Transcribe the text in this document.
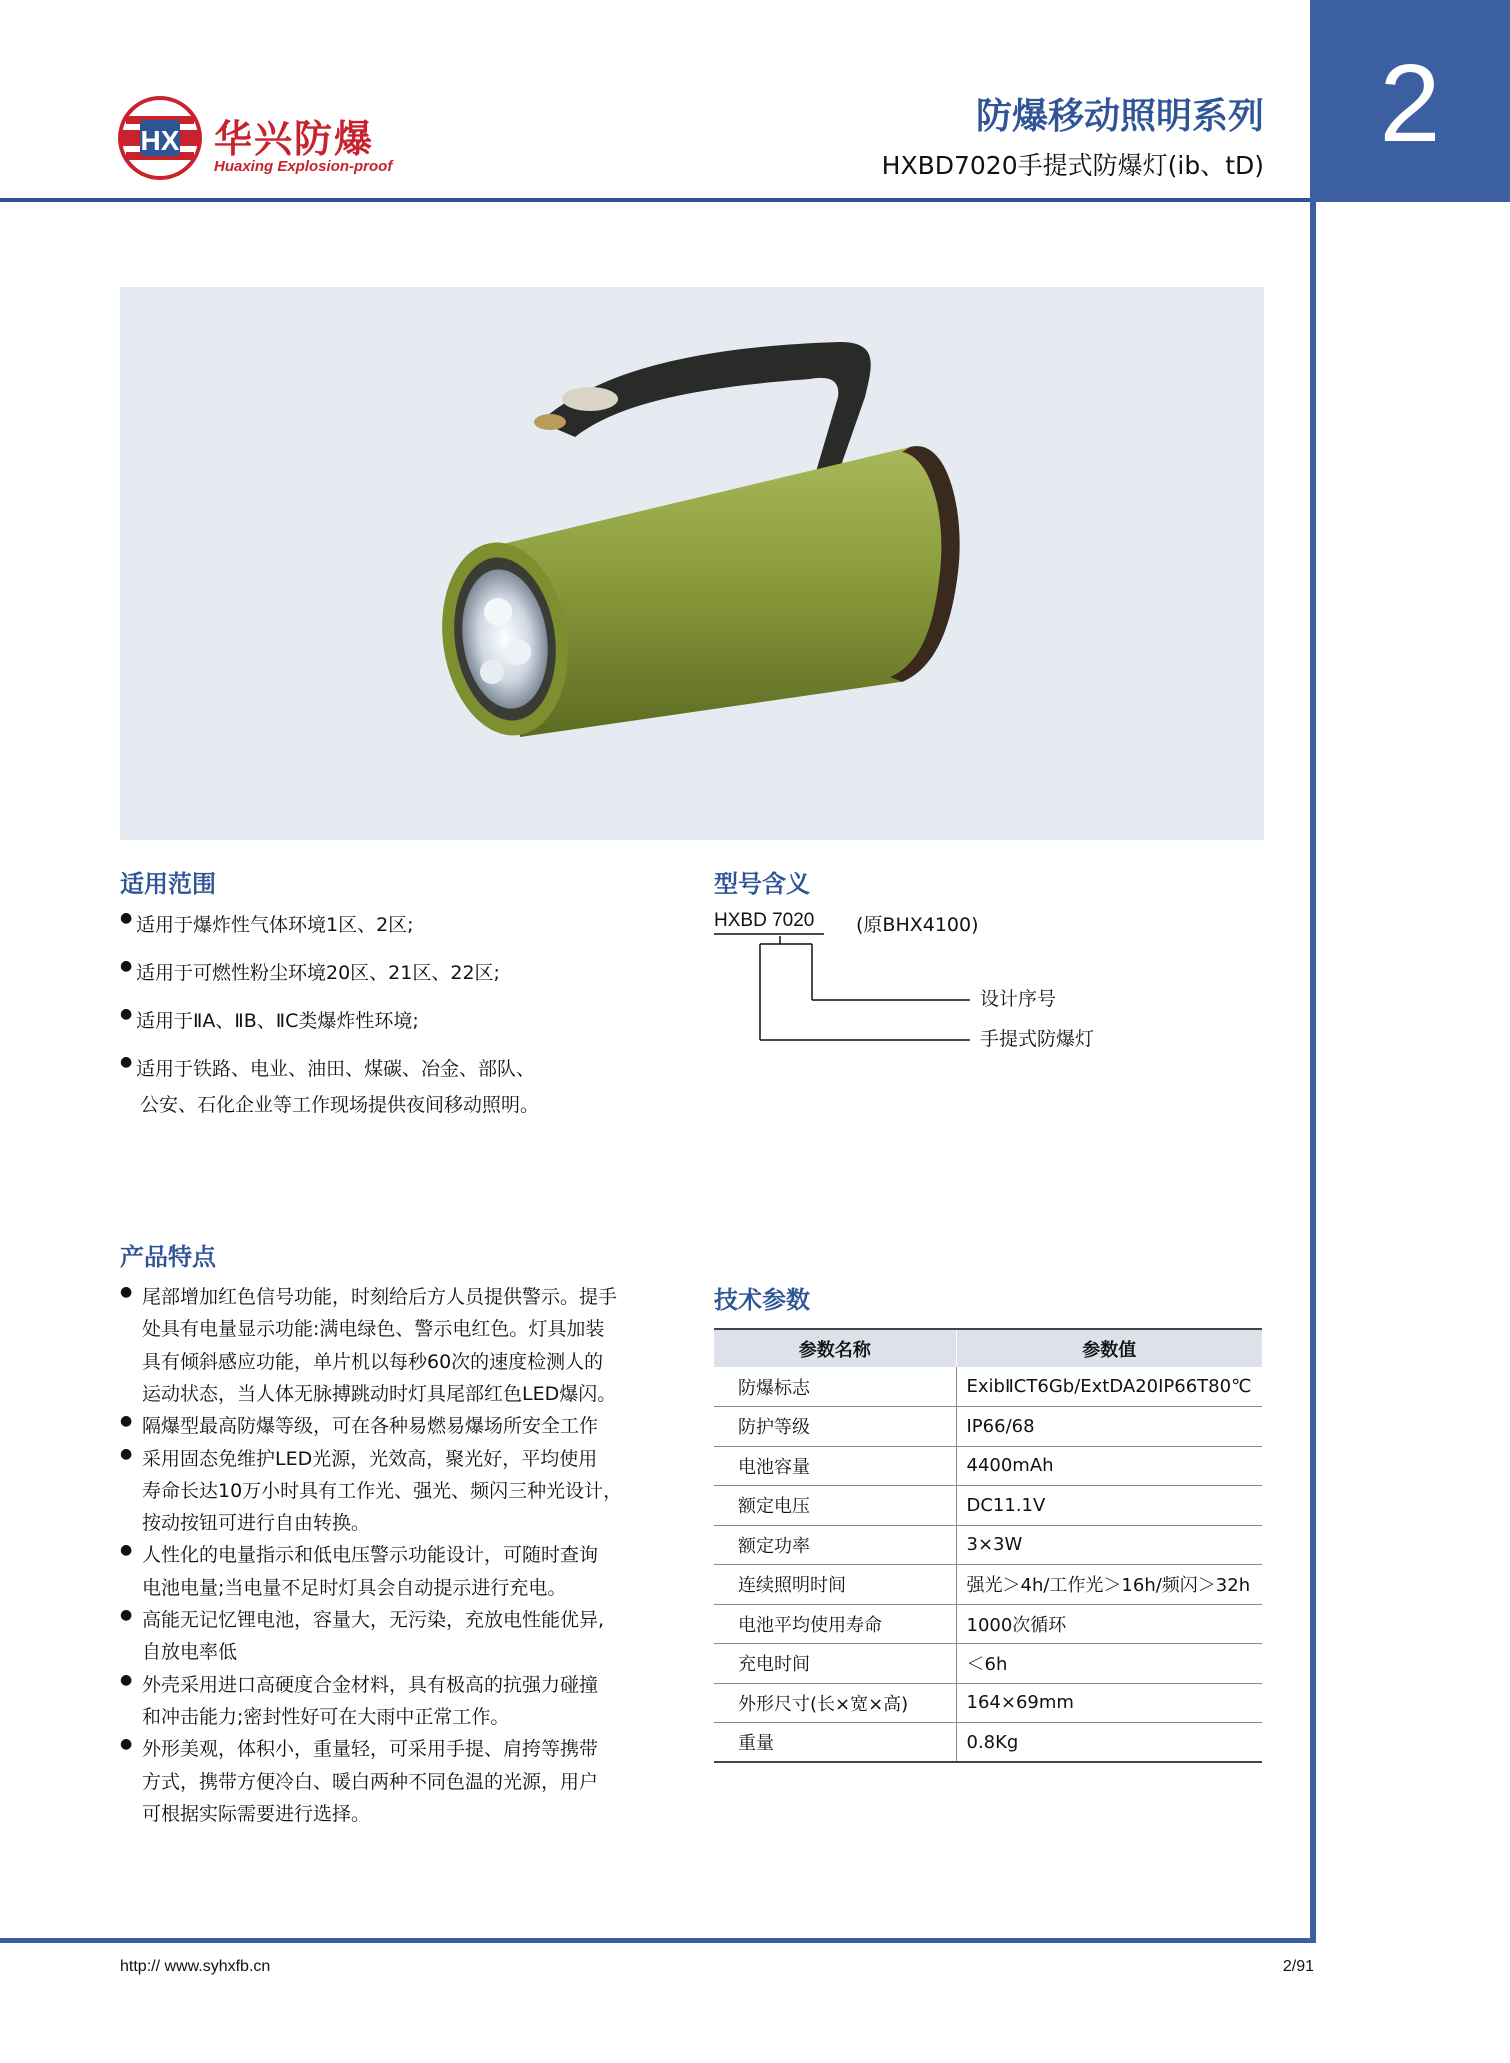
HX 华兴防爆
Huaxing Explosion-proof
防爆移动照明系列
HXBD7020手提式防爆灯(ib、tD)
2
适用范围
● 适用于爆炸性气体环境1区、2区;
● 适用于可燃性粉尘环境20区、21区、22区;
● 适用于ⅡA、ⅡB、ⅡC类爆炸性环境;
● 适用于铁路、电业、油田、煤碳、冶金、部队、
公安、石化企业等工作现场提供夜间移动照明。
型号含义
HXBD 7020 (原BHX4100)
设计序号
手提式防爆灯
产品特点
● 尾部增加红色信号功能，时刻给后方人员提供警示。提手
处具有电量显示功能:满电绿色、警示电红色。灯具加装
具有倾斜感应功能，单片机以每秒60次的速度检测人的
运动状态，当人体无脉搏跳动时灯具尾部红色LED爆闪。
● 隔爆型最高防爆等级，可在各种易燃易爆场所安全工作
● 采用固态免维护LED光源，光效高，聚光好，平均使用
寿命长达10万小时具有工作光、强光、频闪三种光设计，
按动按钮可进行自由转换。
● 人性化的电量指示和低电压警示功能设计，可随时查询
电池电量;当电量不足时灯具会自动提示进行充电。
● 高能无记忆锂电池，容量大，无污染，充放电性能优异,
自放电率低
● 外壳采用进口高硬度合金材料，具有极高的抗强力碰撞
和冲击能力;密封性好可在大雨中正常工作。
● 外形美观，体积小，重量轻，可采用手提、肩挎等携带
方式，携带方便冷白、暖白两种不同色温的光源，用户
可根据实际需要进行选择。
技术参数
参数名称	参数值
防爆标志	ExibⅡCT6Gb/ExtDA20IP66T80℃
防护等级	IP66/68
电池容量	4400mAh
额定电压	DC11.1V
额定功率	3×3W
连续照明时间	强光＞4h/工作光＞16h/频闪＞32h
电池平均使用寿命	1000次循环
充电时间	＜6h
外形尺寸(长×宽×高)	164×69mm
重量	0.8Kg
http:// www.syhxfb.cn	2/91
